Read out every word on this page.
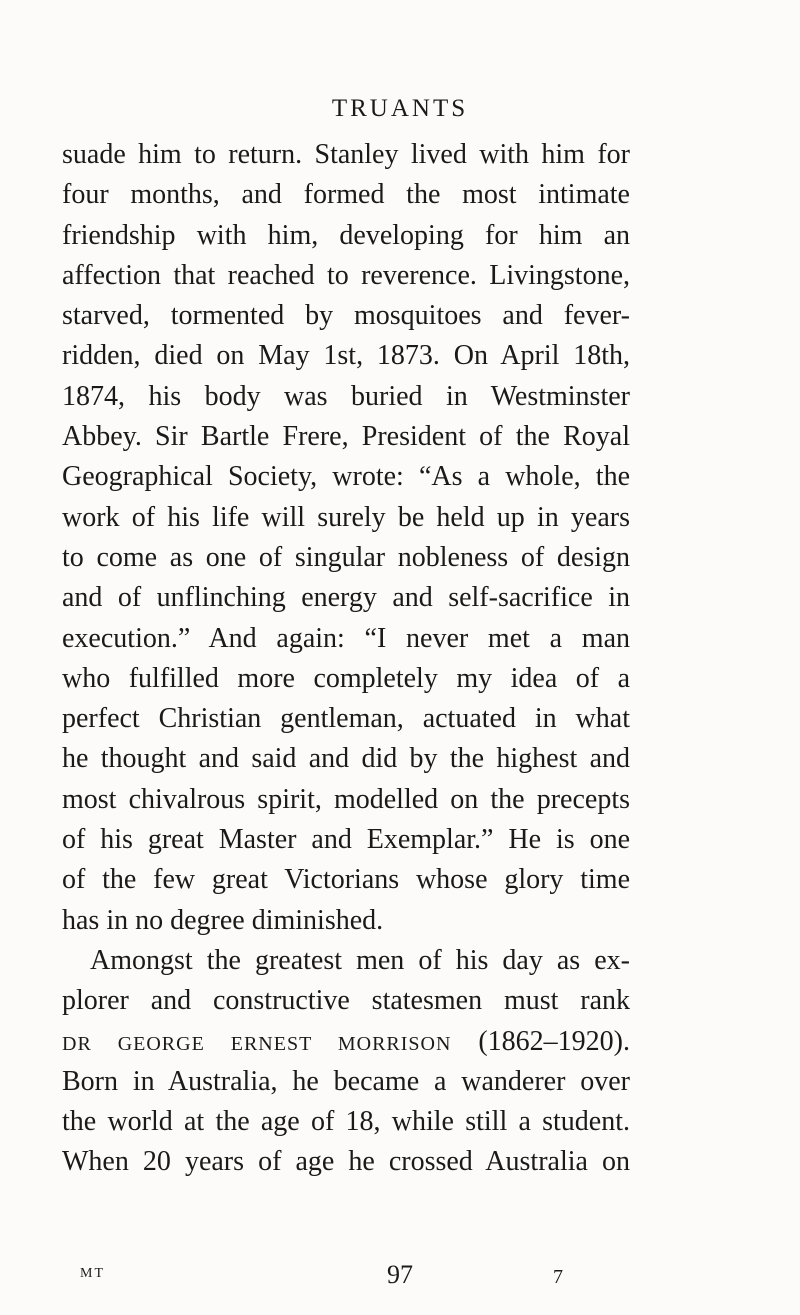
TRUANTS
suade him to return. Stanley lived with him for
four months, and formed the most intimate
friendship with him, developing for him an
affection that reached to reverence. Livingstone,
starved, tormented by mosquitoes and fever-
ridden, died on May 1st, 1873. On April 18th,
1874, his body was buried in Westminster
Abbey. Sir Bartle Frere, President of the Royal
Geographical Society, wrote: “As a whole, the
work of his life will surely be held up in years
to come as one of singular nobleness of design
and of unflinching energy and self-sacrifice in
execution.” And again: “I never met a man
who fulfilled more completely my idea of a
perfect Christian gentleman, actuated in what
he thought and said and did by the highest and
most chivalrous spirit, modelled on the precepts
of his great Master and Exemplar.” He is one
of the few great Victorians whose glory time
has in no degree diminished.
Amongst the greatest men of his day as ex-
plorer and constructive statesmen must rank
DR GEORGE ERNEST MORRISON (1862–1920).
Born in Australia, he became a wanderer over
the world at the age of 18, while still a student.
When 20 years of age he crossed Australia on
MT	97	7
